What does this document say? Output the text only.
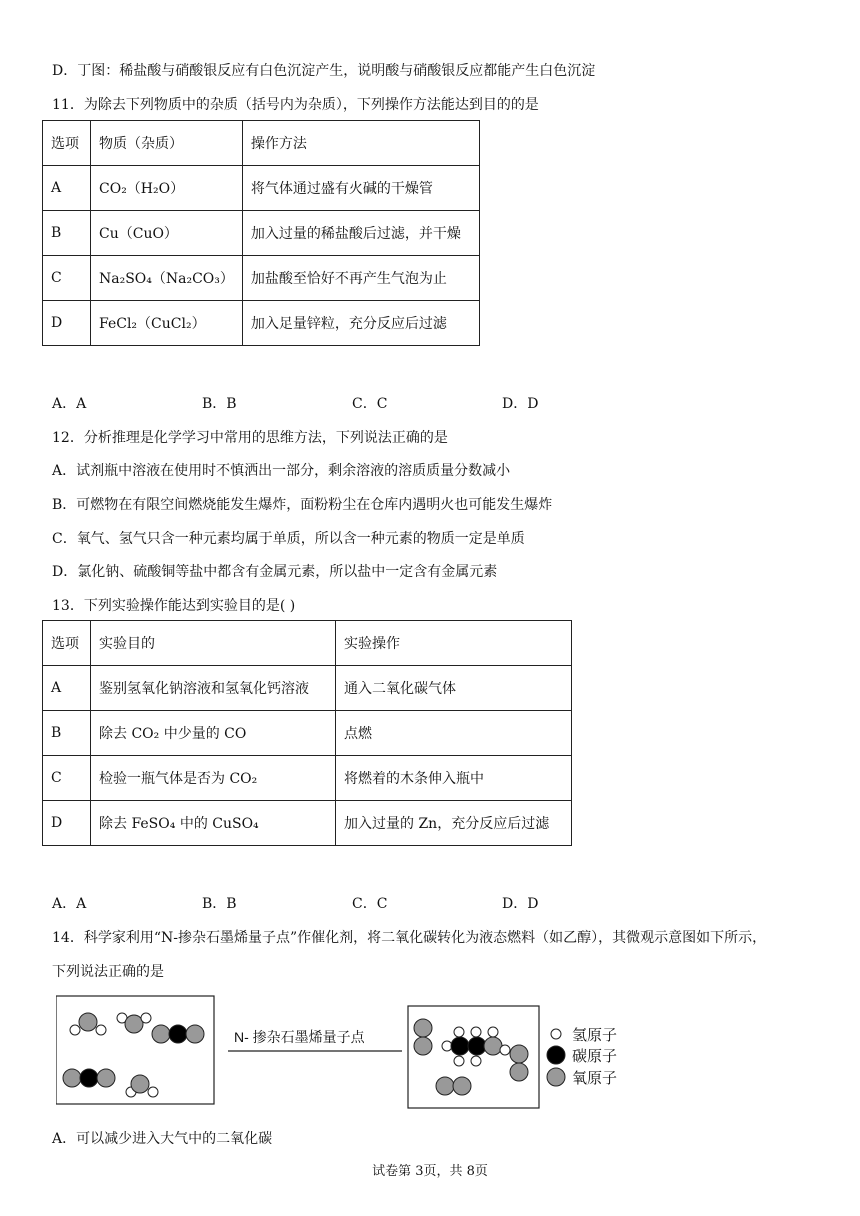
D．丁图：稀盐酸与硝酸银反应有白色沉淀产生，说明酸与硝酸银反应都能产生白色沉淀
11．为除去下列物质中的杂质（括号内为杂质），下列操作方法能达到目的的是
选项	物质（杂质）	操作方法
A	CO₂（H₂O）	将气体通过盛有火碱的干燥管
B	Cu（CuO）	加入过量的稀盐酸后过滤，并干燥
C	Na₂SO₄（Na₂CO₃）	加盐酸至恰好不再产生气泡为止
D	FeCl₂（CuCl₂）	加入足量锌粒，充分反应后过滤
A．A	B．B	C．C	D．D
12．分析推理是化学学习中常用的思维方法，下列说法正确的是
A．试剂瓶中溶液在使用时不慎洒出一部分，剩余溶液的溶质质量分数减小
B．可燃物在有限空间燃烧能发生爆炸，面粉粉尘在仓库内遇明火也可能发生爆炸
C．氧气、氢气只含一种元素均属于单质，所以含一种元素的物质一定是单质
D．氯化钠、硫酸铜等盐中都含有金属元素，所以盐中一定含有金属元素
13．下列实验操作能达到实验目的是( )
选项	实验目的	实验操作
A	鉴别氢氧化钠溶液和氢氧化钙溶液	通入二氧化碳气体
B	除去 CO₂ 中少量的 CO	点燃
C	检验一瓶气体是否为 CO₂	将燃着的木条伸入瓶中
D	除去 FeSO₄ 中的 CuSO₄	加入过量的 Zn，充分反应后过滤
A．A	B．B	C．C	D．D
14．科学家利用“N-掺杂石墨烯量子点”作催化剂，将二氧化碳转化为液态燃料（如乙醇），其微观示意图如下所示，
下列说法正确的是
N- 掺杂石墨烯量子点	氢原子
碳原子
氧原子
A．可以减少进入大气中的二氧化碳
试卷第 3页，共 8页
